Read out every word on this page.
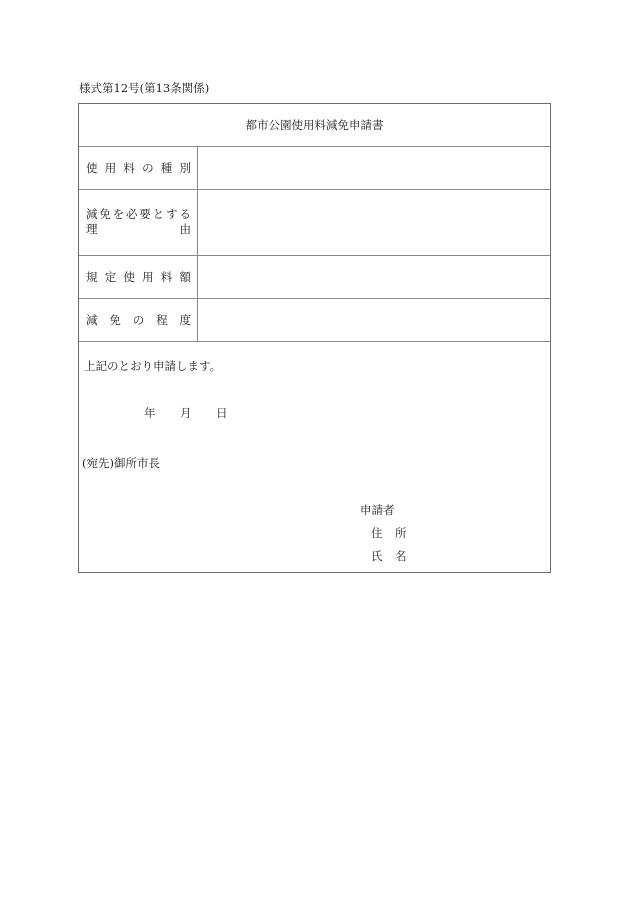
様式第12号(第13条関係)
都市公園使用料減免申請書
使 用 料 の 種 別
減 免 を 必 要 と す る
理	由
規 定 使 用 料 額
減 免 の 程 度
上記のとおり申請します。
年 月 日
(宛先)御所市長
申請者
住 所
氏 名
